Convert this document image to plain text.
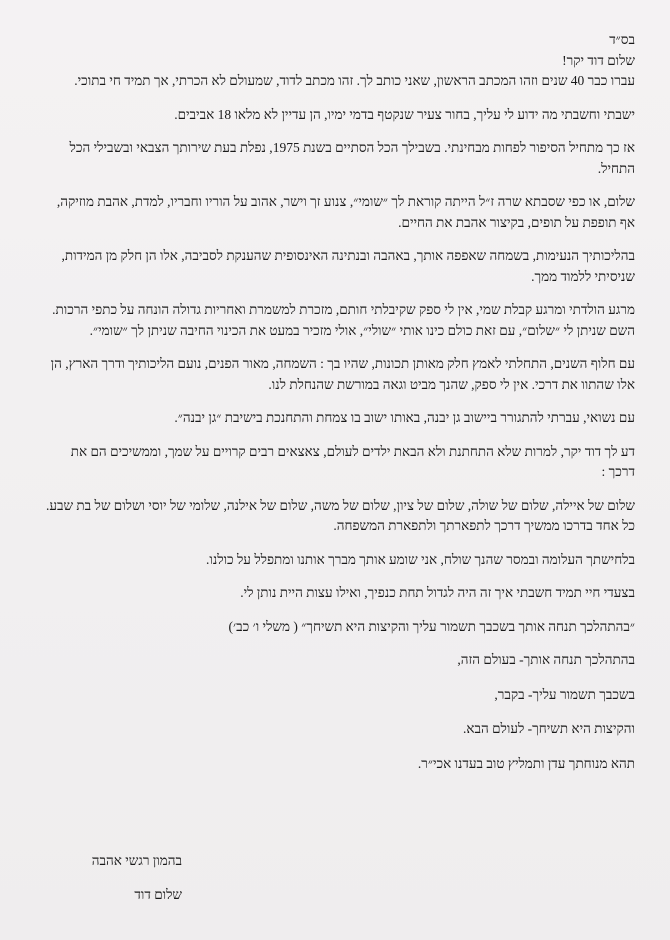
בס״ד

שלום דוד יקר!

עברו כבר 40 שנים וזהו המכתב הראשון, שאני כותב לך. זהו מכתב לדוד, שמעולם לא הכרתי, אך תמיד חי בתוכי.

ישבתי וחשבתי מה ידוע לי עליך, בחור צעיר שנקטף בדמי ימיו, הן עדיין לא מלאו 18 אביבים.

אז כך מתחיל הסיפור לפחות מבחינתי. בשבילך הכל הסתיים בשנת 1975, נפלת בעת שירותך הצבאי ובשבילי הכל התחיל.

שלום, או כפי שסבתא שרה ז״ל הייתה קוראת לך ״שומי״, צנוע זך וישר, אהוב על הוריו וחבריו, למדת, אהבת מוזיקה, אף תופפת על תופים, בקיצור אהבת את החיים.

בהליכותיך הנעימות, בשמחה שאפפה אותך, באהבה ובנתינה האינסופית שהענקת לסביבה, אלו הן חלק מן המידות, שניסיתי ללמוד ממך.

מרגע הולדתי ומרגע קבלת שמי, אין לי ספק שקיבלתי חותם, מזכרת למשמרת ואחריות גדולה הונחה על כתפי הרכות. השם שניתן לי ״שלום״, עם זאת כולם כינו אותי ״שולי״, אולי מזכיר במעט את הכינוי החיבה שניתן לך ״שומי״.

עם חלוף השנים, התחלתי לאמץ חלק מאותן תכונות, שהיו בך : השמחה, מאור הפנים, נועם הליכותיך ודרך הארץ, הן אלו שהתוו את דרכי. אין לי ספק, שהנך מביט וגאה במורשת שהנחלת לנו.

עם נשואי, עברתי להתגורר ביישוב גן יבנה, באותו ישוב בו צמחת והתחנכת בישיבת ״גן יבנה״.

דע לך דוד יקר, למרות שלא התחתנת ולא הבאת ילדים לעולם, צאצאים רבים קרויים על שמך, וממשיכים הם את דרכך :

שלום של איילה, שלום של שולה, שלום של ציון, שלום של משה, שלום של אילנה, שלומי של יוסי ושלום של בת שבע. כל אחד בדרכו ממשיך דרכך לתפארתך ולתפארת המשפחה.

בלחישתך העלומה ובמסר שהנך שולח, אני שומע אותך מברך אותנו ומתפלל על כולנו.

בצעדי חיי תמיד חשבתי איך זה היה לגדול תחת כנפיך, ואילו עצות היית נותן לי.

״בהתהלכך תנחה אותך בשכבך תשמור עליך והקיצות היא תשיחך״ ( משלי ו׳ כב׳)

בהתהלכך תנחה אותך- בעולם הזה,

בשכבך תשמור עליך- בקבר,

והקיצות היא תשיחך- לעולם הבא.

תהא מנוחתך עדן ותמליץ טוב בעדנו אכי״ר.

בהמון רגשי אהבה

שלום דוד
